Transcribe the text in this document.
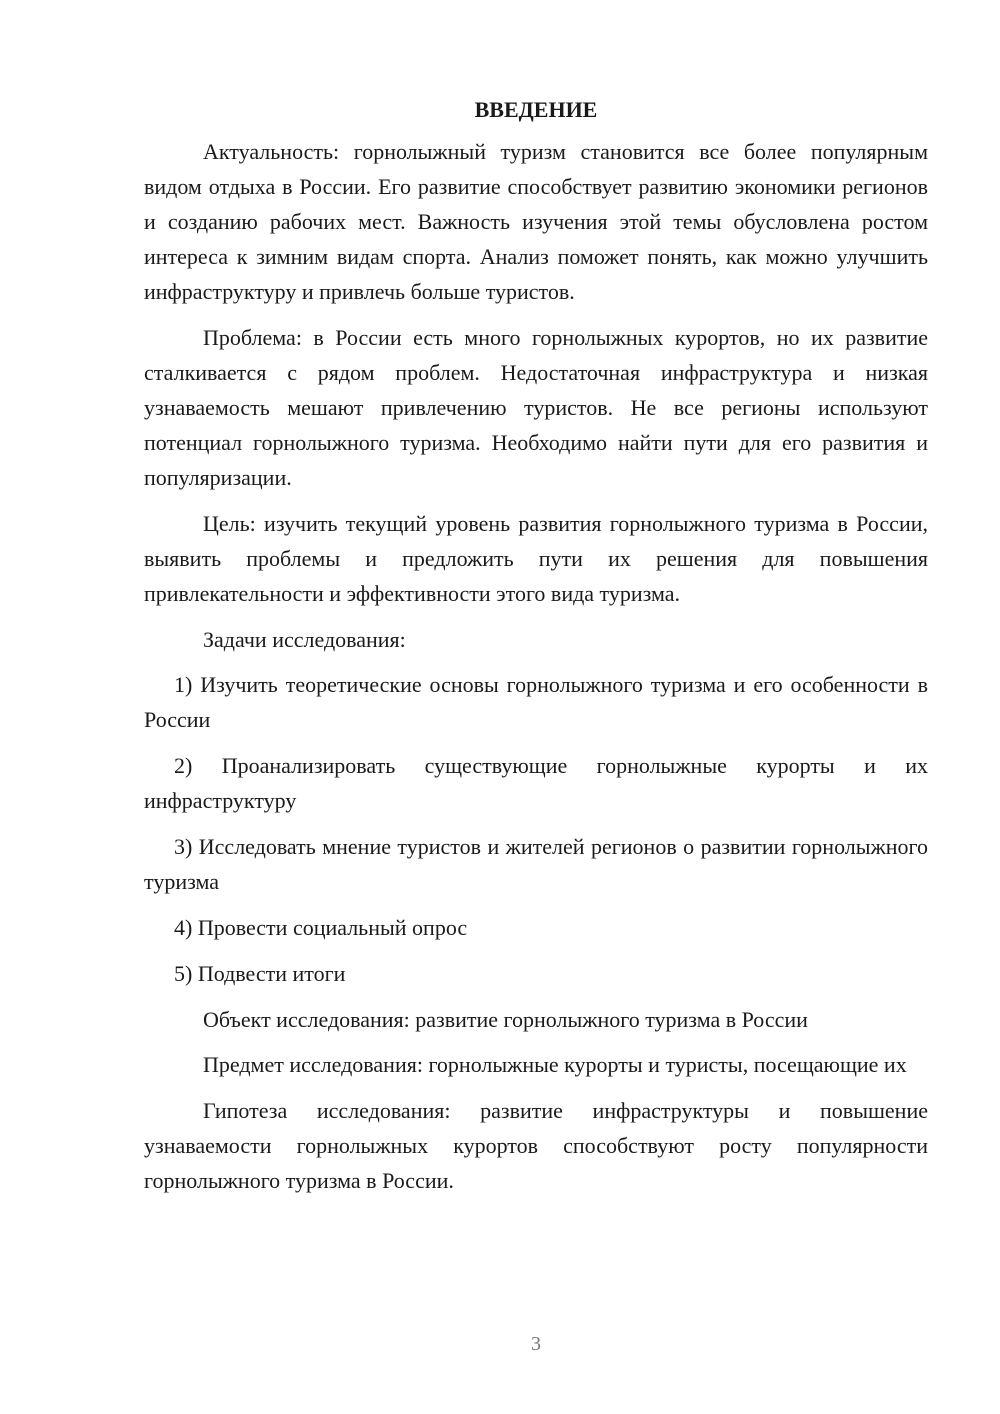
ВВЕДЕНИЕ

Актуальность: горнолыжный туризм становится все более популярным видом отдыха в России. Его развитие способствует развитию экономики регионов и созданию рабочих мест. Важность изучения этой темы обусловлена ростом интереса к зимним видам спорта. Анализ поможет понять, как можно улучшить инфраструктуру и привлечь больше туристов.

Проблема: в России есть много горнолыжных курортов, но их развитие сталкивается с рядом проблем. Недостаточная инфраструктура и низкая узнаваемость мешают привлечению туристов. Не все регионы используют потенциал горнолыжного туризма. Необходимо найти пути для его развития и популяризации.

Цель: изучить текущий уровень развития горнолыжного туризма в России, выявить проблемы и предложить пути их решения для повышения привлекательности и эффективности этого вида туризма.

Задачи исследования:

1) Изучить теоретические основы горнолыжного туризма и его особенности в России

2) Проанализировать существующие горнолыжные курорты и их инфраструктуру

3) Исследовать мнение туристов и жителей регионов о развитии горнолыжного туризма

4) Провести социальный опрос

5) Подвести итоги

Объект исследования: развитие горнолыжного туризма в России

Предмет исследования: горнолыжные курорты и туристы, посещающие их

Гипотеза исследования: развитие инфраструктуры и повышение узнаваемости горнолыжных курортов способствуют росту популярности горнолыжного туризма в России.

3
